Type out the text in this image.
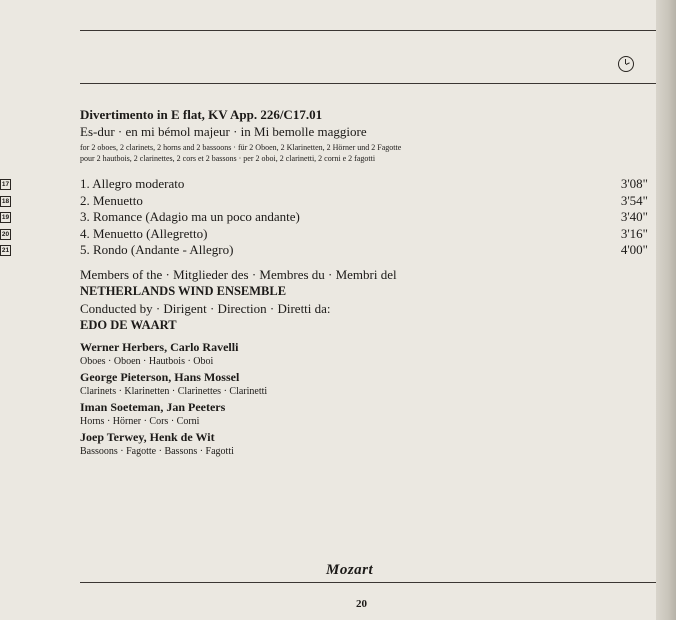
Divertimento in E flat, KV App. 226/C17.01
Es-dur · en mi bémol majeur · in Mi bemolle maggiore
for 2 oboes, 2 clarinets, 2 horns and 2 bassoons · für 2 Oboen, 2 Klarinetten, 2 Hörner und 2 Fagotte
pour 2 hautbois, 2 clarinettes, 2 cors et 2 bassons · per 2 oboi, 2 clarinetti, 2 corni e 2 fagotti
17	1. Allegro moderato	3'08"
18	2. Menuetto	3'54"
19	3. Romance (Adagio ma un poco andante)	3'40"
20	4. Menuetto (Allegretto)	3'16"
21	5. Rondo (Andante - Allegro)	4'00"
Members of the · Mitglieder des · Membres du · Membri del
NETHERLANDS WIND ENSEMBLE
Conducted by · Dirigent · Direction · Diretti da:
EDO DE WAART
Werner Herbers, Carlo Ravelli
Oboes · Oboen · Hautbois · Oboi
George Pieterson, Hans Mossel
Clarinets · Klarinetten · Clarinettes · Clarinetti
Iman Soeteman, Jan Peeters
Horns · Hörner · Cors · Corni
Joep Terwey, Henk de Wit
Bassoons · Fagotte · Bassons · Fagotti
Mozart
20
